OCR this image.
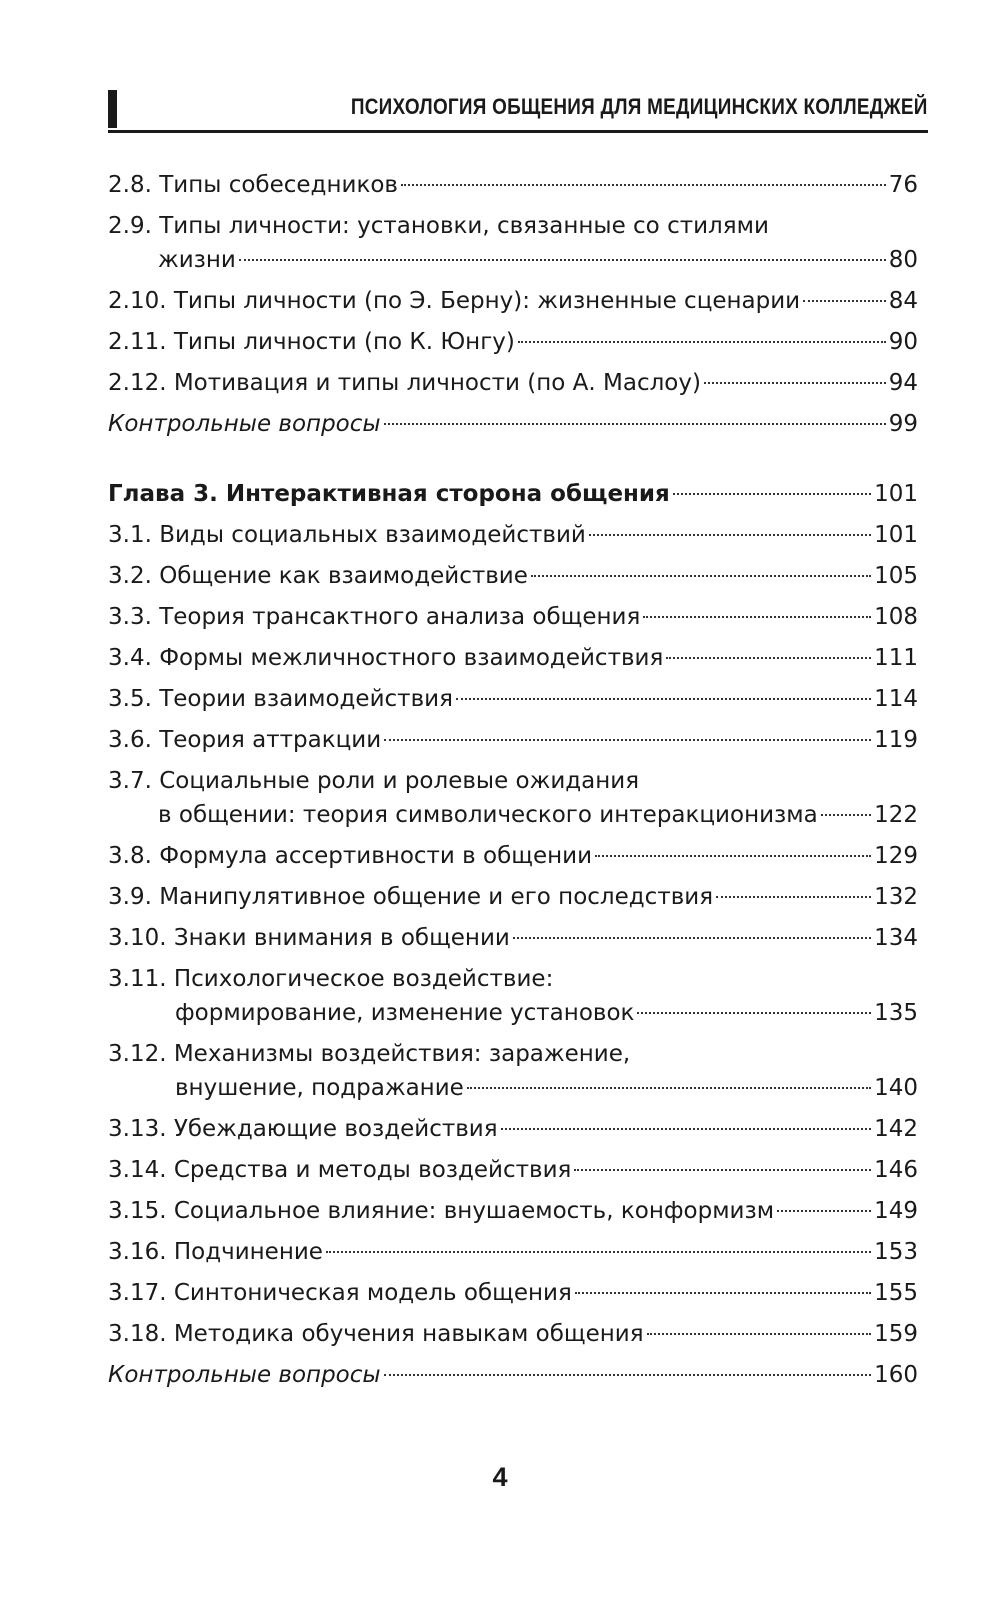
ПСИХОЛОГИЯ ОБЩЕНИЯ ДЛЯ МЕДИЦИНСКИХ КОЛЛЕДЖЕЙ
2.8. Типы собеседников	76
2.9. Типы личности: установки, связанные со стилями
жизни	80
2.10. Типы личности (по Э. Берну): жизненные сценарии	84
2.11. Типы личности (по К. Юнгу)	90
2.12. Мотивация и типы личности (по А. Маслоу)	94
Контрольные вопросы	99
Глава 3. Интерактивная сторона общения	101
3.1. Виды социальных взаимодействий	101
3.2. Общение как взаимодействие	105
3.3. Теория трансактного анализа общения	108
3.4. Формы межличностного взаимодействия	111
3.5. Теории взаимодействия	114
3.6. Теория аттракции	119
3.7. Социальные роли и ролевые ожидания
в общении: теория символического интеракционизма 122
3.8. Формула ассертивности в общении	129
3.9. Манипулятивное общение и его последствия	132
3.10. Знаки внимания в общении	134
3.11. Психологическое воздействие:
формирование, изменение установок	135
3.12. Механизмы воздействия: заражение,
внушение, подражание	140
3.13. Убеждающие воздействия	142
3.14. Средства и методы воздействия	146
3.15. Социальное влияние: внушаемость, конформизм	149
3.16. Подчинение	153
3.17. Синтоническая модель общения	155
3.18. Методика обучения навыкам общения	159
Контрольные вопросы	160
4
